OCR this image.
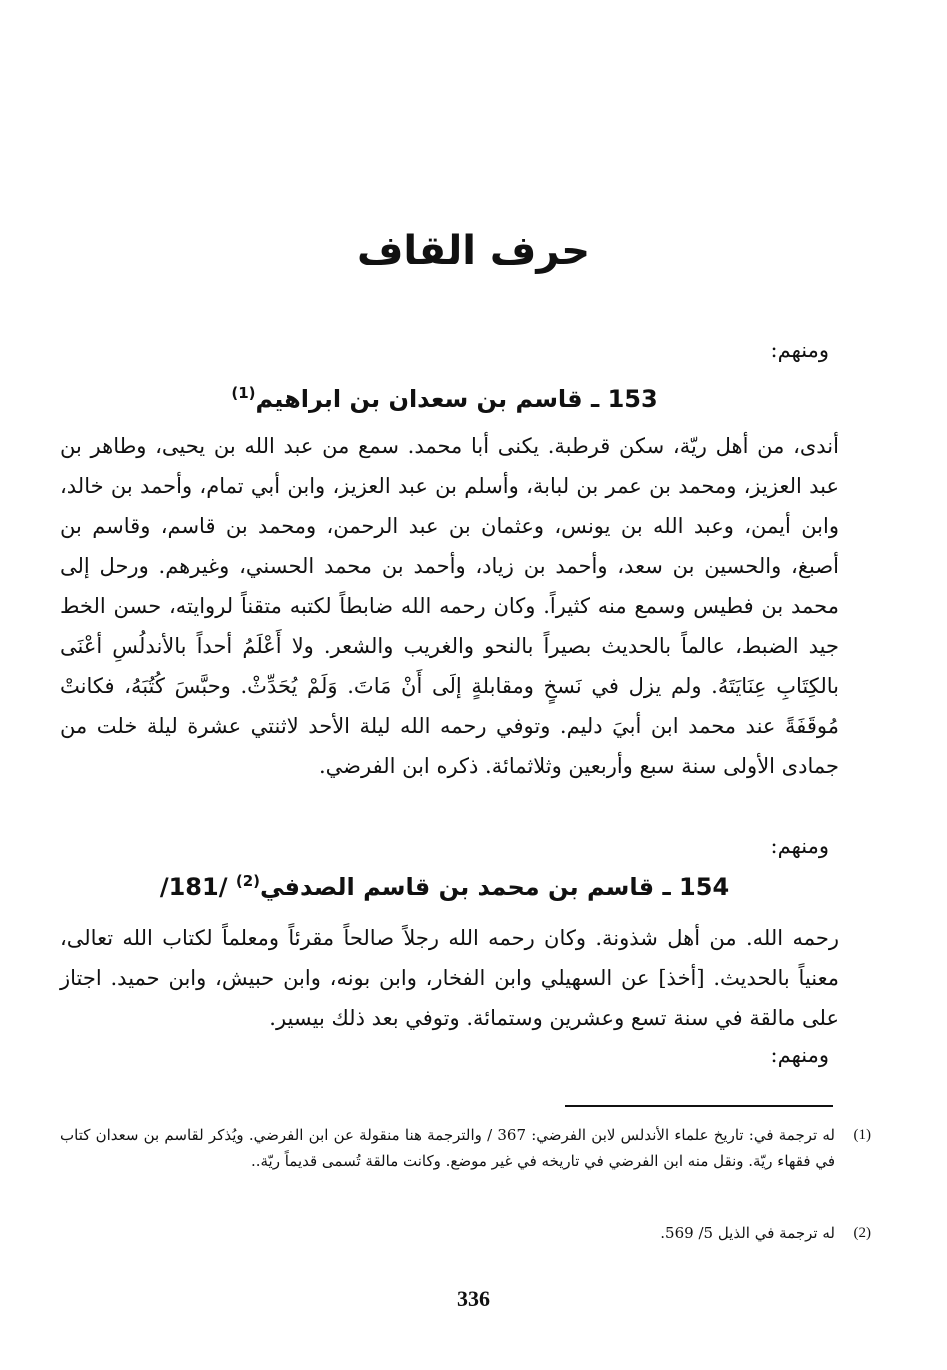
حرف القاف
ومنهم:
153 ـ قاسم بن سعدان بن ابراهيم$^{(1)}$

أندى، من أهل ريّة، سكن قرطبة. يكنى أبا محمد. سمع من عبد الله بن يحيى، وطاهر بن عبد العزيز، ومحمد بن عمر بن لبابة، وأسلم بن عبد العزيز، وابن أبي تمام، وأحمد بن خالد، وابن أيمن، وعبد الله بن يونس، وعثمان بن عبد الرحمن، ومحمد بن قاسم، وقاسم بن أصبغ، والحسين بن سعد، وأحمد بن زياد، وأحمد بن محمد الحسني، وغيرهم. ورحل إلى محمد بن فطيس وسمع منه كثيراً. وكان رحمه الله ضابطاً لكتبه متقناً لروايته، حسن الخط جيد الضبط، عالماً بالحديث بصيراً بالنحو والغريب والشعر. ولا أَعْلَمُ أحداً بالأندلُسِ أعْنَى بالكِتَابِ عِنَايَتَهُ. ولم يزل في نَسخٍ ومقابلةٍ إلَى أَنْ مَاتَ. وَلَمْ يُحَدِّثْ. وحبَّسَ كُتُبَهُ، فكانتْ مُوقَفَةً عند محمد ابن أبيَ دليم. وتوفي رحمه الله ليلة الأحد لاثنتي عشرة ليلة خلت من جمادى الأولى سنة سبع وأربعين وثلاثمائة. ذكره ابن الفرضي.

ومنهم:
154 ـ قاسم بن محمد بن قاسم الصدفي$^{(2)}$ /181/

رحمه الله. من أهل شذونة. وكان رحمه الله رجلاً صالحاً مقرئاً ومعلماً لكتاب الله تعالى، معنياً بالحديث. [أخذ] عن السهيلي وابن الفخار، وابن بونه، وابن حبيش، وابن حميد. اجتاز على مالقة في سنة تسع وعشرين وستمائة. وتوفي بعد ذلك بيسير.

ومنهم:
(1)
له ترجمة في: تاريخ علماء الأندلس لابن الفرضي: 367 / والترجمة هنا منقولة عن ابن الفرضي. ويُذكر لقاسم بن سعدان كتاب في فقهاء ريّة. ونقل منه ابن الفرضي في تاريخه في غير موضع. وكانت مالقة تُسمى قديماً ريّة..
(2)
له ترجمة في الذيل 5/ 569.
336
